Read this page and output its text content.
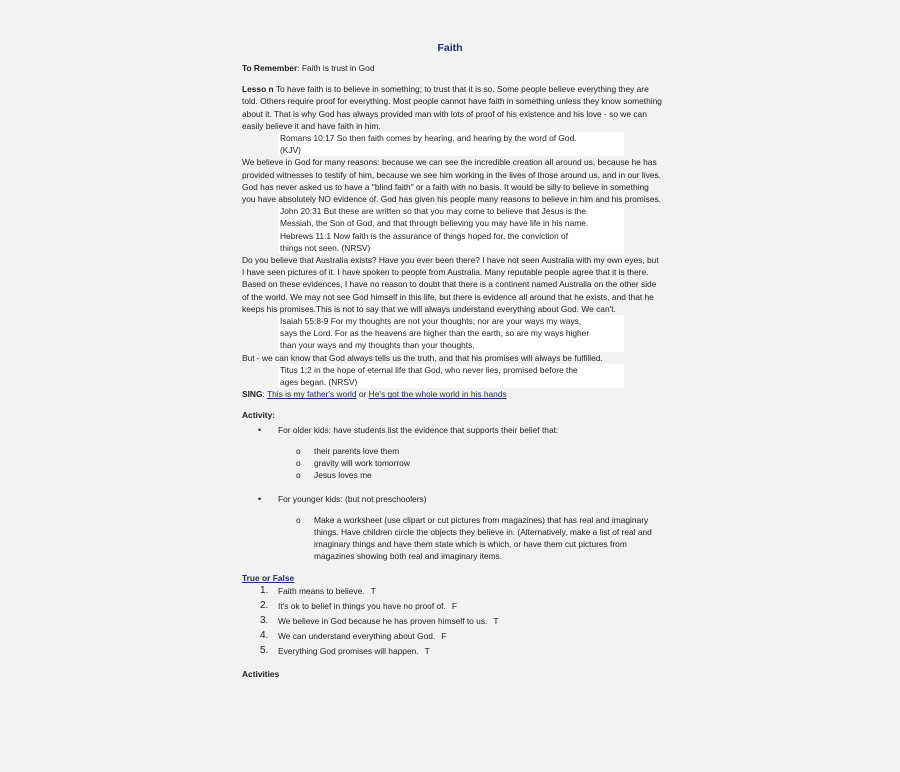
Faith

To Remember: Faith is trust in God

Lesso n To have faith is to believe in something; to trust that it is so. Some people believe everything they are told. Others require proof for everything. Most people cannot have faith in something unless they know something about it. That is why God has always provided man with lots of proof of his existence and his love - so we can easily believe it and have faith in him.

Romans 10:17 So then faith comes by hearing, and hearing by the word of God.
(KJV)

We believe in God for many reasons: because we can see the incredible creation all around us, because he has provided witnesses to testify of him, because we see him working in the lives of those around us, and in our lives. God has never asked us to have a "blind faith" or a faith with no basis. It would be silly to believe in something you have absolutely NO evidence of. God has given his people many reasons to believe in him and his promises.

John 20:31 But these are written so that you may come to believe that Jesus is the
Messiah, the Son of God, and that through believing you may have life in his name.
Hebrews 11:1 Now faith is the assurance of things hoped for, the conviction of
things not seen. (NRSV)

Do you believe that Australia exists? Have you ever been there? I have not seen Australia with my own eyes, but I have seen pictures of it. I have spoken to people from Australia. Many reputable people agree that it is there. Based on these evidences, I have no reason to doubt that there is a continent named Australia on the other side of the world. We may not see God himself in this life, but there is evidence all around that he exists, and that he keeps his promises.This is not to say that we will always understand everything about God. We can't.

Isaiah 55:8-9 For my thoughts are not your thoughts; nor are your ways my ways,
says the Lord. For as the heavens are higher than the earth, so are my ways higher
than your ways and my thoughts than your thoughts.

But - we can know that God always tells us the truth, and that his promises will always be fulfilled.

Titus 1:2 in the hope of eternal life that God, who never lies, promised before the
ages began. (NRSV)

SING: This is my father's world or He's got the whole world in his hands

Activity:

•	For older kids: have students list the evidence that supports their belief that:
o	their parents love them
o	gravity will work tomorrow
o	Jesus loves me
•	For younger kids: (but not preschoolers)
o	Make a worksheet (use clipart or cut pictures from magazines) that has real and imaginary things. Have children circle the objects they believe in. (Alternatively, make a list of real and imaginary things and have them state which is which, or have them cut pictures from magazines showing both real and imaginary items.

True or False

1.	Faith means to believe. T
2.	It's ok to belief in things you have no proof of. F
3.	We believe in God because he has proven himself to us. T
4.	We can understand everything about God. F
5.	Everything God promises will happen. T

Activities
